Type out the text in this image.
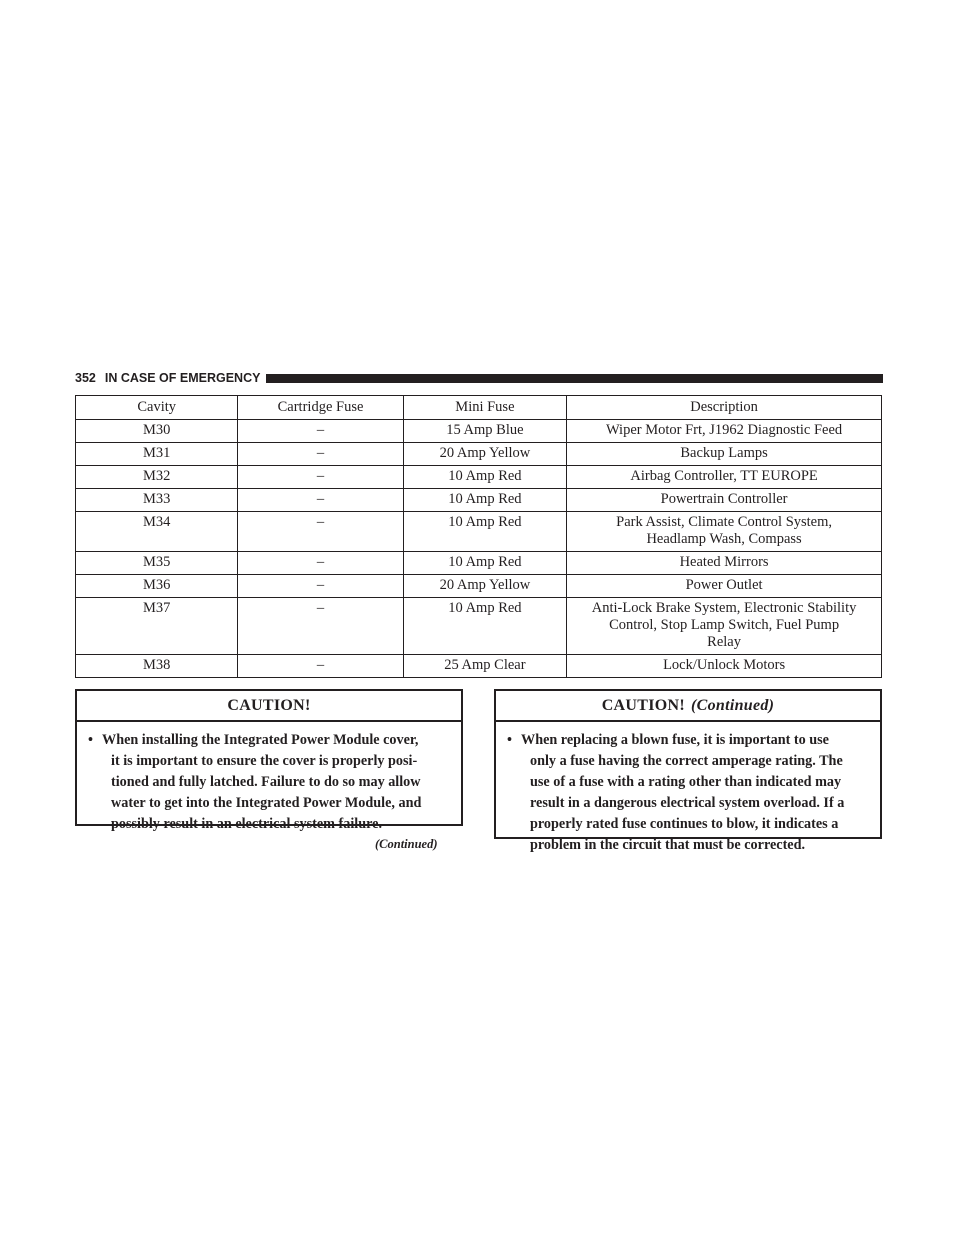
352 IN CASE OF EMERGENCY
Cavity	Cartridge Fuse	Mini Fuse	Description
M30	–	15 Amp Blue	Wiper Motor Frt, J1962 Diagnostic Feed

M31	–	20 Amp Yellow	Backup Lamps

M32	–	10 Amp Red	Airbag Controller, TT EUROPE

M33	–	10 Amp Red	Powertrain Controller

M34	–	10 Amp Red	Park Assist, Climate Control System,
Headlamp Wash, Compass

M35	–	10 Amp Red	Heated Mirrors

M36	–	20 Amp Yellow	Power Outlet

M37	–	10 Amp Red	Anti-Lock Brake System, Electronic Stability
Control, Stop Lamp Switch, Fuel Pump
Relay

M38	–	25 Amp Clear	Lock/Unlock Motors
CAUTION!
• When installing the Integrated Power Module cover,
it is important to ensure the cover is properly posi-
tioned and fully latched. Failure to do so may allow
water to get into the Integrated Power Module, and
possibly result in an electrical system failure.
(Continued)
CAUTION! (Continued)
• When replacing a blown fuse, it is important to use
only a fuse having the correct amperage rating. The
use of a fuse with a rating other than indicated may
result in a dangerous electrical system overload. If a
properly rated fuse continues to blow, it indicates a
problem in the circuit that must be corrected.
